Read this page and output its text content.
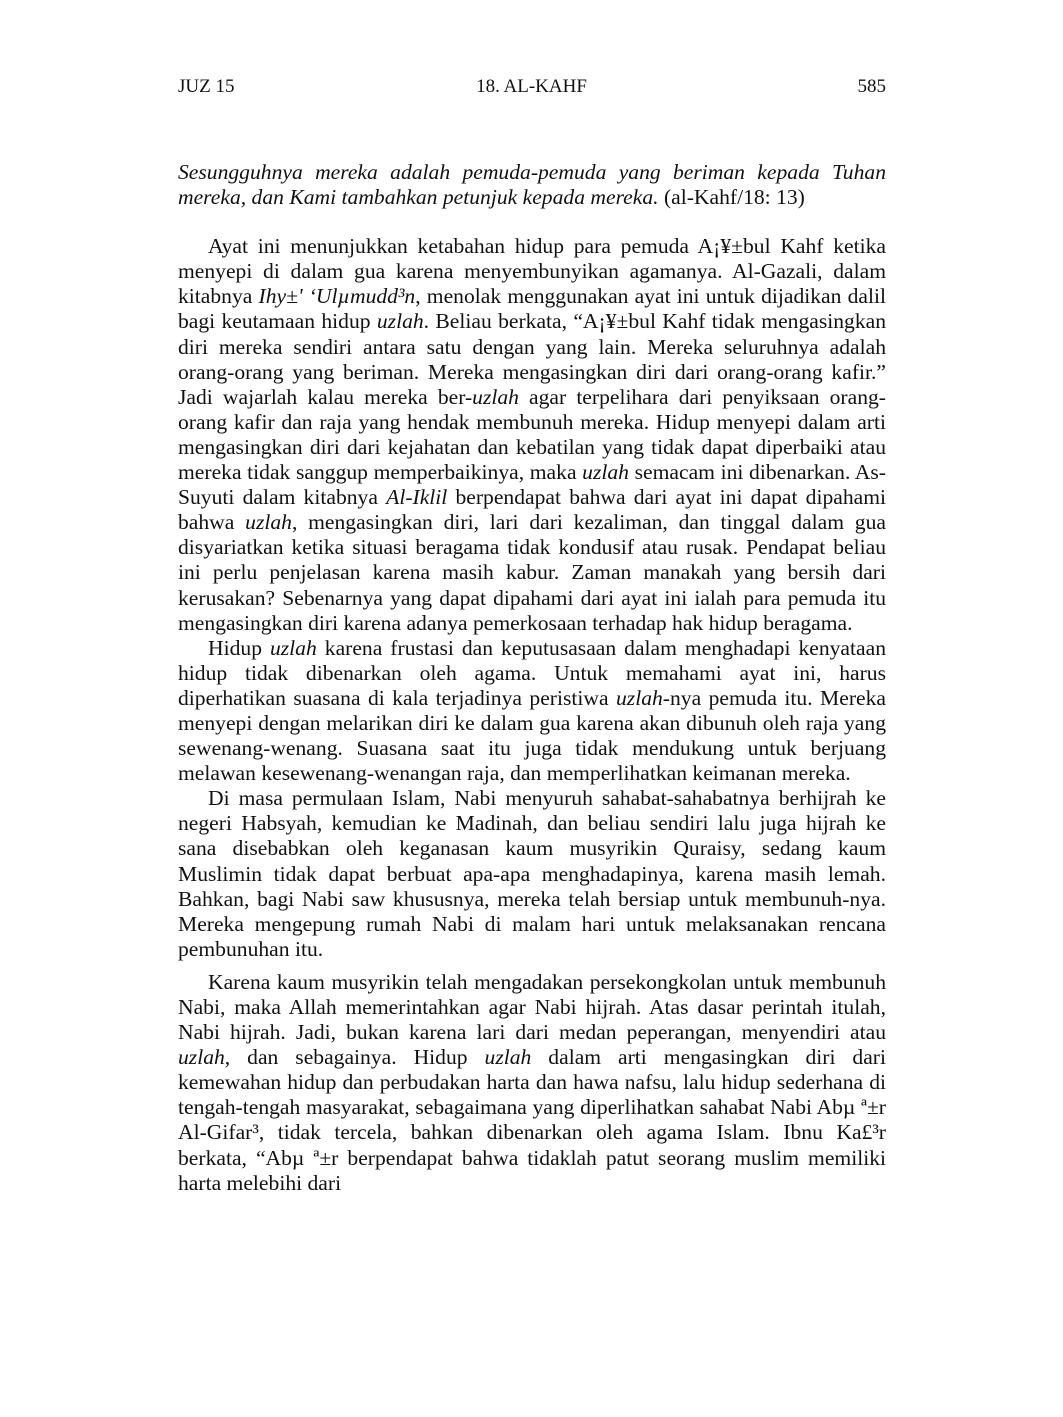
JUZ 15	18. AL-KAHF	585

Sesungguhnya mereka adalah pemuda-pemuda yang beriman kepada Tuhan mereka, dan Kami tambahkan petunjuk kepada mereka. (al-Kahf/18: 13)

Ayat ini menunjukkan ketabahan hidup para pemuda A¡¥±bul Kahf ketika menyepi di dalam gua karena menyembunyikan agamanya. Al-Gazali, dalam kitabnya Ihy±' ‘Ulµmudd³n, menolak menggunakan ayat ini untuk dijadikan dalil bagi keutamaan hidup uzlah. Beliau berkata, “A¡¥±bul Kahf tidak mengasingkan diri mereka sendiri antara satu dengan yang lain. Mereka seluruhnya adalah orang-orang yang beriman. Mereka mengasingkan diri dari orang-orang kafir.” Jadi wajarlah kalau mereka ber-uzlah agar terpelihara dari penyiksaan orang-orang kafir dan raja yang hendak membunuh mereka. Hidup menyepi dalam arti mengasingkan diri dari kejahatan dan kebatilan yang tidak dapat diperbaiki atau mereka tidak sanggup memperbaikinya, maka uzlah semacam ini dibenarkan. As-Suyuti dalam kitabnya Al-Iklil berpendapat bahwa dari ayat ini dapat dipahami bahwa uzlah, mengasingkan diri, lari dari kezaliman, dan tinggal dalam gua disyariatkan ketika situasi beragama tidak kondusif atau rusak. Pendapat beliau ini perlu penjelasan karena masih kabur. Zaman manakah yang bersih dari kerusakan? Sebenarnya yang dapat dipahami dari ayat ini ialah para pemuda itu mengasingkan diri karena adanya pemerkosaan terhadap hak hidup beragama.

Hidup uzlah karena frustasi dan keputusasaan dalam menghadapi kenyataan hidup tidak dibenarkan oleh agama. Untuk memahami ayat ini, harus diperhatikan suasana di kala terjadinya peristiwa uzlah-nya pemuda itu. Mereka menyepi dengan melarikan diri ke dalam gua karena akan dibunuh oleh raja yang sewenang-wenang. Suasana saat itu juga tidak mendukung untuk berjuang melawan kesewenang-wenangan raja, dan memperlihatkan keimanan mereka.

Di masa permulaan Islam, Nabi menyuruh sahabat-sahabatnya berhijrah ke negeri Habsyah, kemudian ke Madinah, dan beliau sendiri lalu juga hijrah ke sana disebabkan oleh keganasan kaum musyrikin Quraisy, sedang kaum Muslimin tidak dapat berbuat apa-apa menghadapinya, karena masih lemah. Bahkan, bagi Nabi saw khususnya, mereka telah bersiap untuk membunuh-nya. Mereka mengepung rumah Nabi di malam hari untuk melaksanakan rencana pembunuhan itu.

Karena kaum musyrikin telah mengadakan persekongkolan untuk membunuh Nabi, maka Allah memerintahkan agar Nabi hijrah. Atas dasar perintah itulah, Nabi hijrah. Jadi, bukan karena lari dari medan peperangan, menyendiri atau uzlah, dan sebagainya. Hidup uzlah dalam arti mengasingkan diri dari kemewahan hidup dan perbudakan harta dan hawa nafsu, lalu hidup sederhana di tengah-tengah masyarakat, sebagaimana yang diperlihatkan sahabat Nabi Abµ ª±r Al-Gifar³, tidak tercela, bahkan dibenarkan oleh agama Islam. Ibnu Ka£³r berkata, “Abµ ª±r berpendapat bahwa tidaklah patut seorang muslim memiliki harta melebihi dari
